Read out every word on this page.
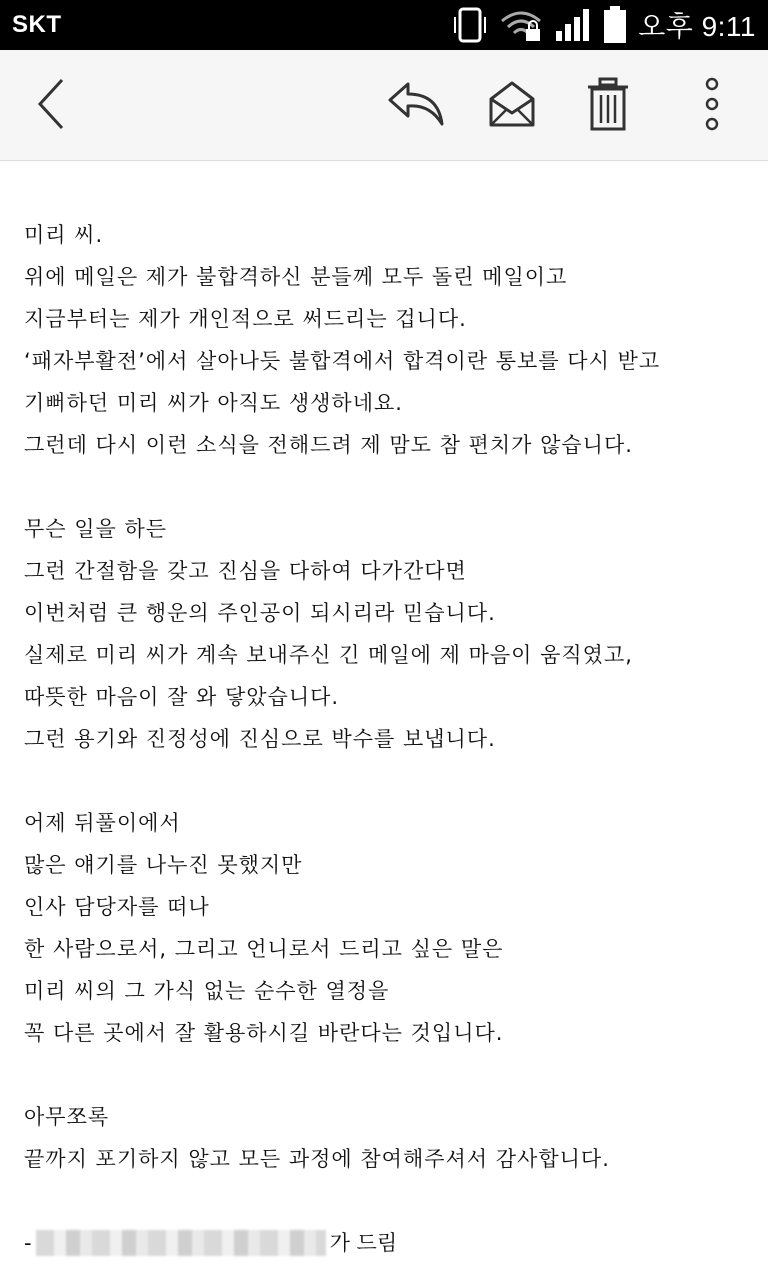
SKT	오후 9:11
미리 씨.
위에 메일은 제가 불합격하신 분들께 모두 돌린 메일이고
지금부터는 제가 개인적으로 써드리는 겁니다.
‘패자부활전’에서 살아나듯 불합격에서 합격이란 통보를 다시 받고
기뻐하던 미리 씨가 아직도 생생하네요.
그런데 다시 이런 소식을 전해드려 제 맘도 참 편치가 않습니다.
무슨 일을 하든
그런 간절함을 갖고 진심을 다하여 다가간다면
이번처럼 큰 행운의 주인공이 되시리라 믿습니다.
실제로 미리 씨가 계속 보내주신 긴 메일에 제 마음이 움직였고,
따뜻한 마음이 잘 와 닿았습니다.
그런 용기와 진정성에 진심으로 박수를 보냅니다.
어제 뒤풀이에서
많은 얘기를 나누진 못했지만
인사 담당자를 떠나
한 사람으로서, 그리고 언니로서 드리고 싶은 말은
미리 씨의 그 가식 없는 순수한 열정을
꼭 다른 곳에서 잘 활용하시길 바란다는 것입니다.
아무쪼록
끝까지 포기하지 않고 모든 과정에 참여해주셔서 감사합니다.
-	가 드림
